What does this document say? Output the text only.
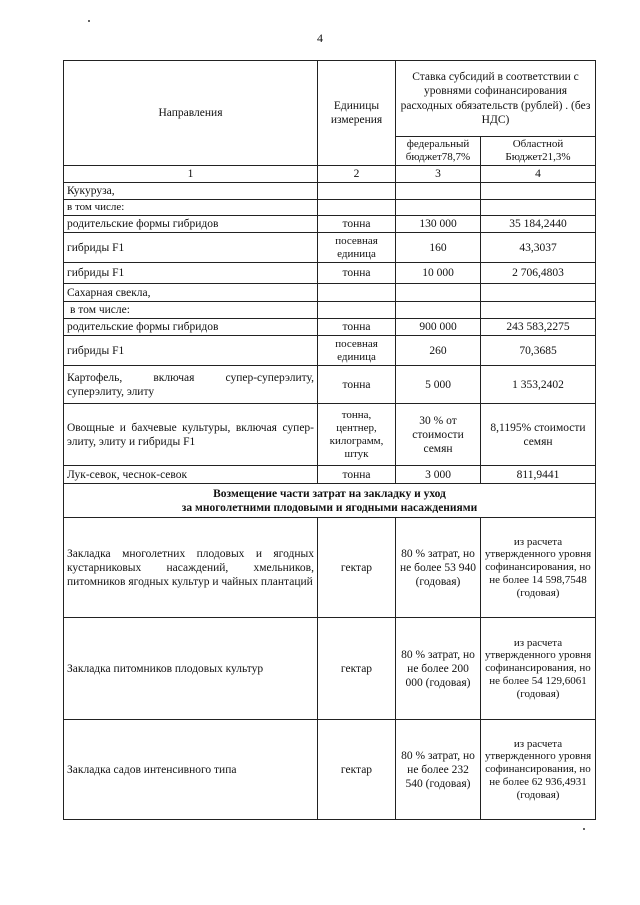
4
Направления	Единицы измерения	Ставка субсидий в соответствии с уровнями софинансирования расходных обязательств (рублей) . (без НДС)	
		федеральный бюджет78,7%	Областной Бюджет21,3%
1	2	3	4
Кукуруза,			
в том числе:			
родительские формы гибридов	тонна	130 000	35 184,2440
гибриды F1	посевная единица	160	43,3037
гибриды F1	тонна	10 000	2 706,4803
Сахарная свекла,			
в том числе:			
родительские формы гибридов	тонна	900 000	243 583,2275
гибриды F1	посевная единица	260	70,3685
Картофель, включая супер-суперэлиту, суперэлиту, элиту	тонна	5 000	1 353,2402
Овощные и бахчевые культуры, включая супер-элиту, элиту и гибриды F1	тонна, центнер, килограмм, штук	30 % от стоимости семян	8,1195% стоимости семян
Лук-севок, чеснок-севок	тонна	3 000	811,9441

Возмещение части затрат на закладку и уход
за многолетними плодовыми и ягодными насаждениями			

Закладка многолетних плодовых и ягодных кустарниковых насаждений, хмельников, питомников ягодных культур и чайных плантаций	гектар	80 % затрат, но не более 53 940 (годовая)	из расчета утвержденного уровня софинансирования, но не более 14 598,7548 (годовая)
Закладка питомников плодовых культур	гектар	80 % затрат, но не более 200 000 (годовая)	из расчета утвержденного уровня софинансирования, но не более 54 129,6061 (годовая)
Закладка садов интенсивного типа	гектар	80 % затрат, но не более 232 540 (годовая)	из расчета утвержденного уровня софинансирования, но не более 62 936,4931 (годовая)
